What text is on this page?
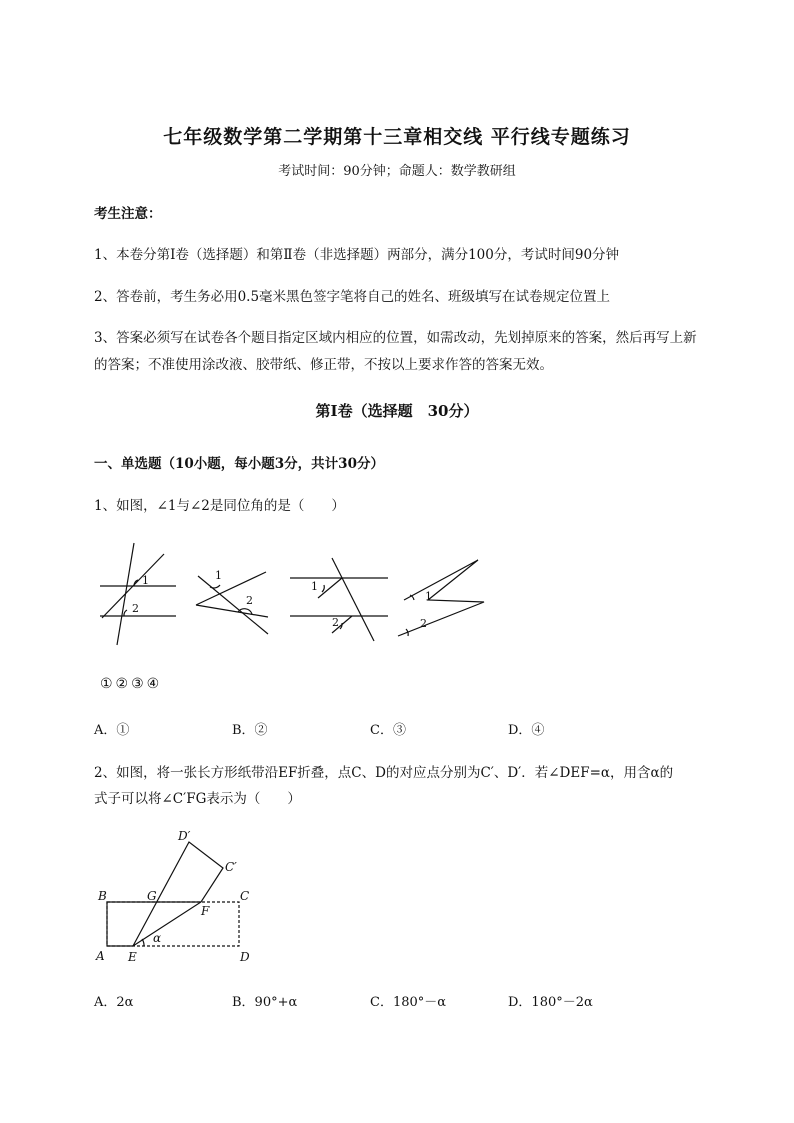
七年级数学第二学期第十三章相交线 平行线专题练习
考试时间：90分钟；命题人：数学教研组
考生注意：
1、本卷分第I卷（选择题）和第Ⅱ卷（非选择题）两部分，满分100分，考试时间90分钟
2、答卷前，考生务必用0.5毫米黑色签字笔将自己的姓名、班级填写在试卷规定位置上
3、答案必须写在试卷各个题目指定区域内相应的位置，如需改动，先划掉原来的答案，然后再写上新
的答案；不准使用涂改液、胶带纸、修正带，不按以上要求作答的答案无效。
第I卷（选择题　30分）
一、单选题（10小题，每小题3分，共计30分）
1、如图，∠1与∠2是同位角的是（　　）
1
2
1
2
1
2
1
2
①②③④
A．①	B．②	C．③	D．④
2、如图，将一张长方形纸带沿EF折叠，点C、D的对应点分别为C′、D′．若∠DEF=α，用含α的
式子可以将∠C′FG表示为（　　）
D′
C′
B	G	C
F
A E	D
α
A．2α	B．90°+α	C．180°－α	D．180°－2α
